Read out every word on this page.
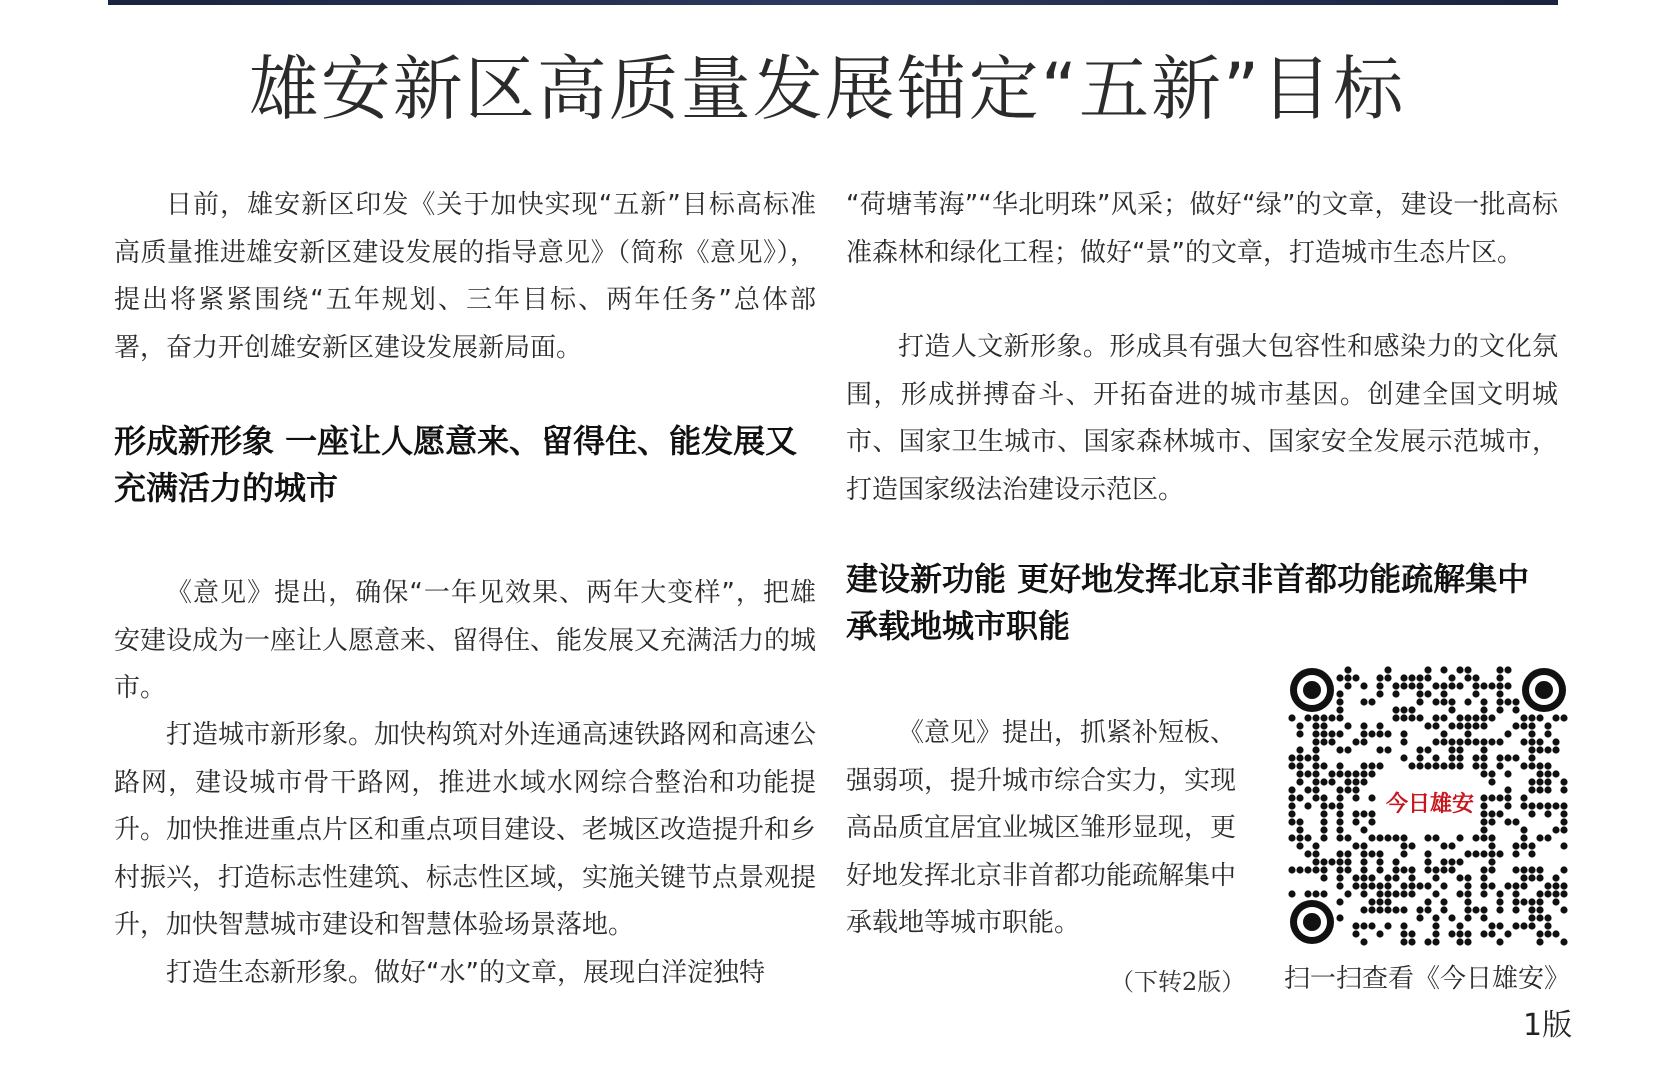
雄安新区高质量发展锚定“五新”目标

日前，雄安新区印发《关于加快实现“五新”目标高标准高质量推进雄安新区建设发展的指导意见》（简称《意见》），提出将紧紧围绕“五年规划、三年目标、两年任务”总体部署，奋力开创雄安新区建设发展新局面。

形成新形象 一座让人愿意来、留得住、能发展又充满活力的城市

《意见》提出，确保“一年见效果、两年大变样”，把雄安建设成为一座让人愿意来、留得住、能发展又充满活力的城市。

打造城市新形象。加快构筑对外连通高速铁路网和高速公路网，建设城市骨干路网，推进水域水网综合整治和功能提升。加快推进重点片区和重点项目建设、老城区改造提升和乡村振兴，打造标志性建筑、标志性区域，实施关键节点景观提升，加快智慧城市建设和智慧体验场景落地。

打造生态新形象。做好“水”的文章，展现白洋淀独特

“荷塘苇海”“华北明珠”风采；做好“绿”的文章，建设一批高标准森林和绿化工程；做好“景”的文章，打造城市生态片区。

打造人文新形象。形成具有强大包容性和感染力的文化氛围，形成拼搏奋斗、开拓奋进的城市基因。创建全国文明城市、国家卫生城市、国家森林城市、国家安全发展示范城市，打造国家级法治建设示范区。

建设新功能 更好地发挥北京非首都功能疏解集中承载地城市职能

《意见》提出，抓紧补短板、强弱项，提升城市综合实力，实现高品质宜居宜业城区雏形显现，更好地发挥北京非首都功能疏解集中承载地等城市职能。

（下转2版）
今日雄安
扫一扫查看《今日雄安》
1版
